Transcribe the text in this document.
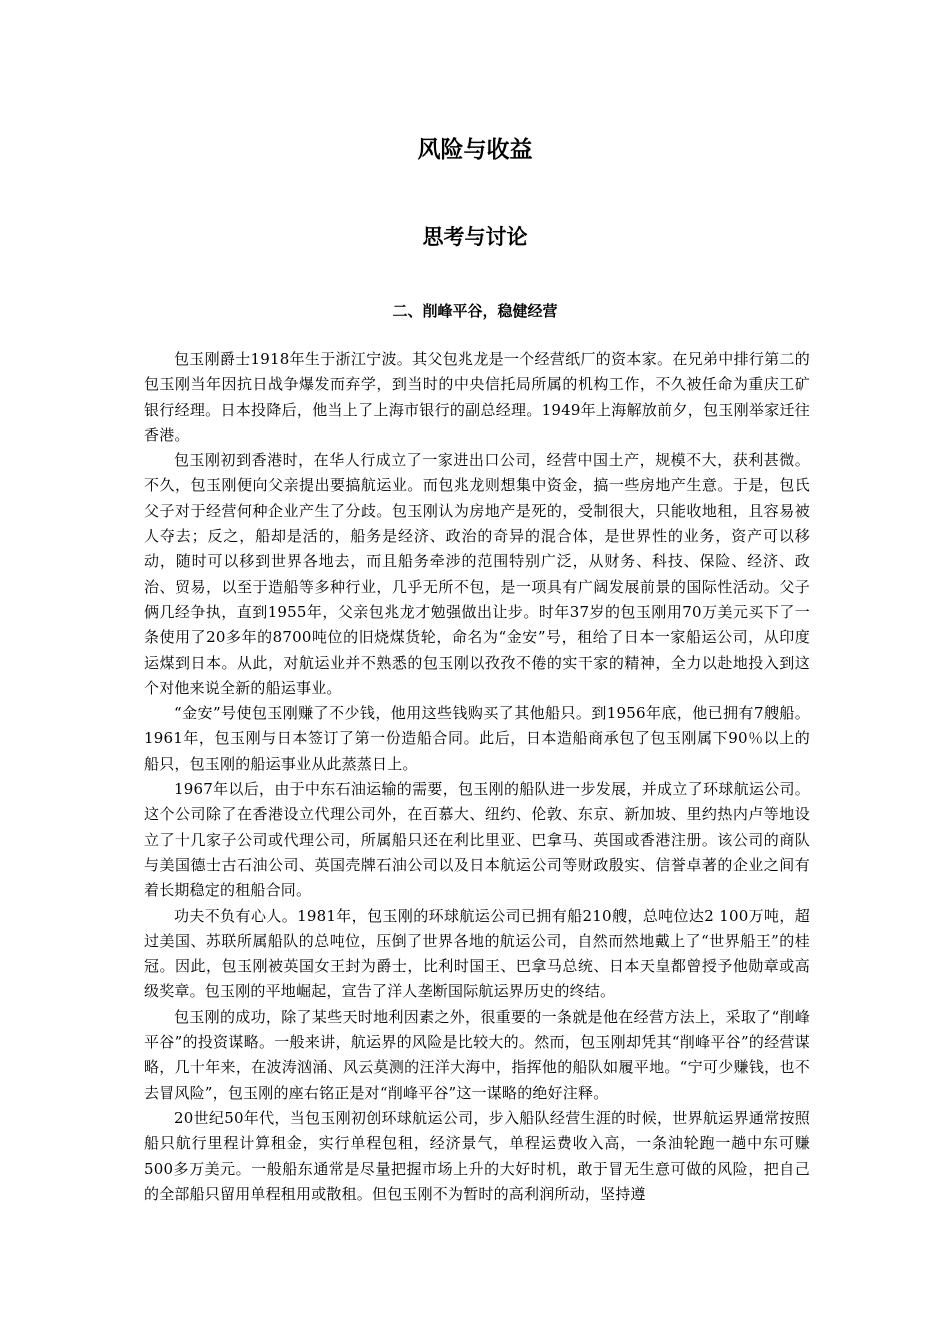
风险与收益
思考与讨论
二、削峰平谷，稳健经营

包玉刚爵士1918年生于浙江宁波。其父包兆龙是一个经营纸厂的资本家。在兄弟中排行第二的包玉刚当年因抗日战争爆发而弃学，到当时的中央信托局所属的机构工作，不久被任命为重庆工矿银行经理。日本投降后，他当上了上海市银行的副总经理。1949年上海解放前夕，包玉刚举家迁往香港。

包玉刚初到香港时，在华人行成立了一家进出口公司，经营中国土产，规模不大，获利甚微。不久，包玉刚便向父亲提出要搞航运业。而包兆龙则想集中资金，搞一些房地产生意。于是，包氏父子对于经营何种企业产生了分歧。包玉刚认为房地产是死的，受制很大，只能收地租，且容易被人夺去；反之，船却是活的，船务是经济、政治的奇异的混合体，是世界性的业务，资产可以移动，随时可以移到世界各地去，而且船务牵涉的范围特别广泛，从财务、科技、保险、经济、政治、贸易，以至于造船等多种行业，几乎无所不包，是一项具有广阔发展前景的国际性活动。父子俩几经争执，直到1955年，父亲包兆龙才勉强做出让步。时年37岁的包玉刚用70万美元买下了一条使用了20多年的8700吨位的旧烧煤货轮，命名为“金安”号，租给了日本一家船运公司，从印度运煤到日本。从此，对航运业并不熟悉的包玉刚以孜孜不倦的实干家的精神，全力以赴地投入到这个对他来说全新的船运事业。

“金安”号使包玉刚赚了不少钱，他用这些钱购买了其他船只。到1956年底，他已拥有7艘船。1961年，包玉刚与日本签订了第一份造船合同。此后，日本造船商承包了包玉刚属下90％以上的船只，包玉刚的船运事业从此蒸蒸日上。

1967年以后，由于中东石油运输的需要，包玉刚的船队进一步发展，并成立了环球航运公司。这个公司除了在香港设立代理公司外，在百慕大、纽约、伦敦、东京、新加坡、里约热内卢等地设立了十几家子公司或代理公司，所属船只还在利比里亚、巴拿马、英国或香港注册。该公司的商队与美国德士古石油公司、英国壳牌石油公司以及日本航运公司等财政殷实、信誉卓著的企业之间有着长期稳定的租船合同。

功夫不负有心人。1981年，包玉刚的环球航运公司已拥有船210艘，总吨位达2 100万吨，超过美国、苏联所属船队的总吨位，压倒了世界各地的航运公司，自然而然地戴上了“世界船王”的桂冠。因此，包玉刚被英国女王封为爵士，比利时国王、巴拿马总统、日本天皇都曾授予他勋章或高级奖章。包玉刚的平地崛起，宣告了洋人垄断国际航运界历史的终结。

包玉刚的成功，除了某些天时地利因素之外，很重要的一条就是他在经营方法上，采取了“削峰平谷”的投资谋略。一般来讲，航运界的风险是比较大的。然而，包玉刚却凭其“削峰平谷”的经营谋略，几十年来，在波涛汹涌、风云莫测的汪洋大海中，指挥他的船队如履平地。“宁可少赚钱，也不去冒风险”，包玉刚的座右铭正是对“削峰平谷”这一谋略的绝好注释。

20世纪50年代，当包玉刚初创环球航运公司，步入船队经营生涯的时候，世界航运界通常按照船只航行里程计算租金，实行单程包租，经济景气，单程运费收入高，一条油轮跑一趟中东可赚500多万美元。一般船东通常是尽量把握市场上升的大好时机，敢于冒无生意可做的风险，把自己的全部船只留用单程租用或散租。但包玉刚不为暂时的高利润所动，坚持遵
